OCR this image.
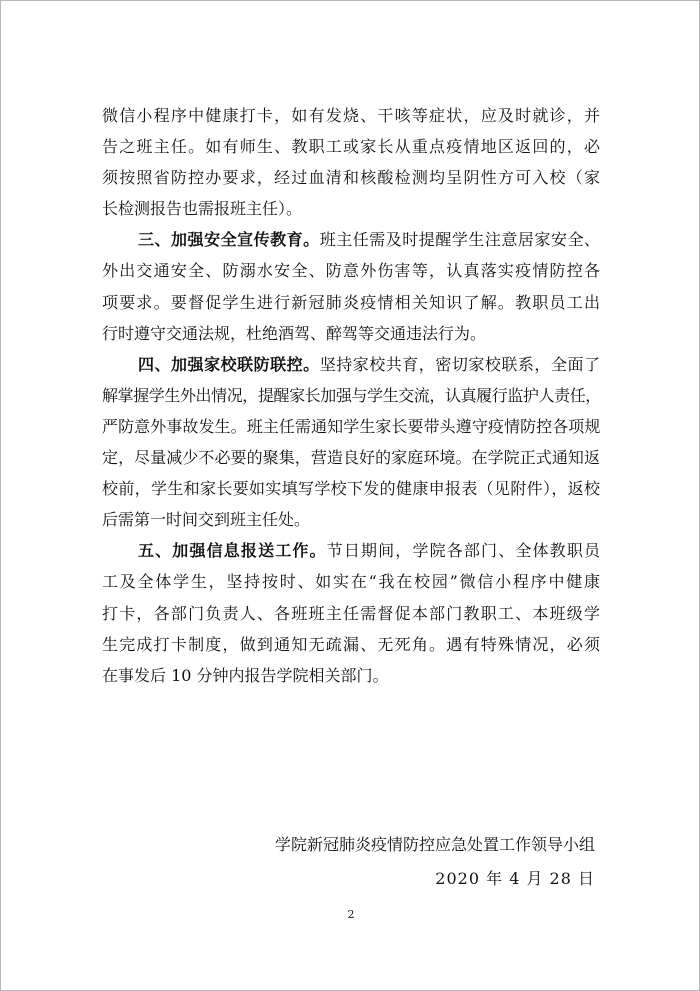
微信小程序中健康打卡，如有发烧、干咳等症状，应及时就诊，并
告之班主任。如有师生、教职工或家长从重点疫情地区返回的，必
须按照省防控办要求，经过血清和核酸检测均呈阴性方可入校（家
长检测报告也需报班主任）。
三、加强安全宣传教育。班主任需及时提醒学生注意居家安全、
外出交通安全、防溺水安全、防意外伤害等，认真落实疫情防控各
项要求。要督促学生进行新冠肺炎疫情相关知识了解。教职员工出
行时遵守交通法规，杜绝酒驾、醉驾等交通违法行为。
四、加强家校联防联控。坚持家校共育，密切家校联系，全面了
解掌握学生外出情况，提醒家长加强与学生交流，认真履行监护人责任，
严防意外事故发生。班主任需通知学生家长要带头遵守疫情防控各项规
定，尽量减少不必要的聚集，营造良好的家庭环境。在学院正式通知返
校前，学生和家长要如实填写学校下发的健康申报表（见附件），返校
后需第一时间交到班主任处。
五、加强信息报送工作。节日期间，学院各部门、全体教职员
工及全体学生，坚持按时、如实在“我在校园”微信小程序中健康
打卡，各部门负责人、各班班主任需督促本部门教职工、本班级学
生完成打卡制度，做到通知无疏漏、无死角。遇有特殊情况，必须
在事发后 10 分钟内报告学院相关部门。
学院新冠肺炎疫情防控应急处置工作领导小组
2020 年 4 月 28 日
2
